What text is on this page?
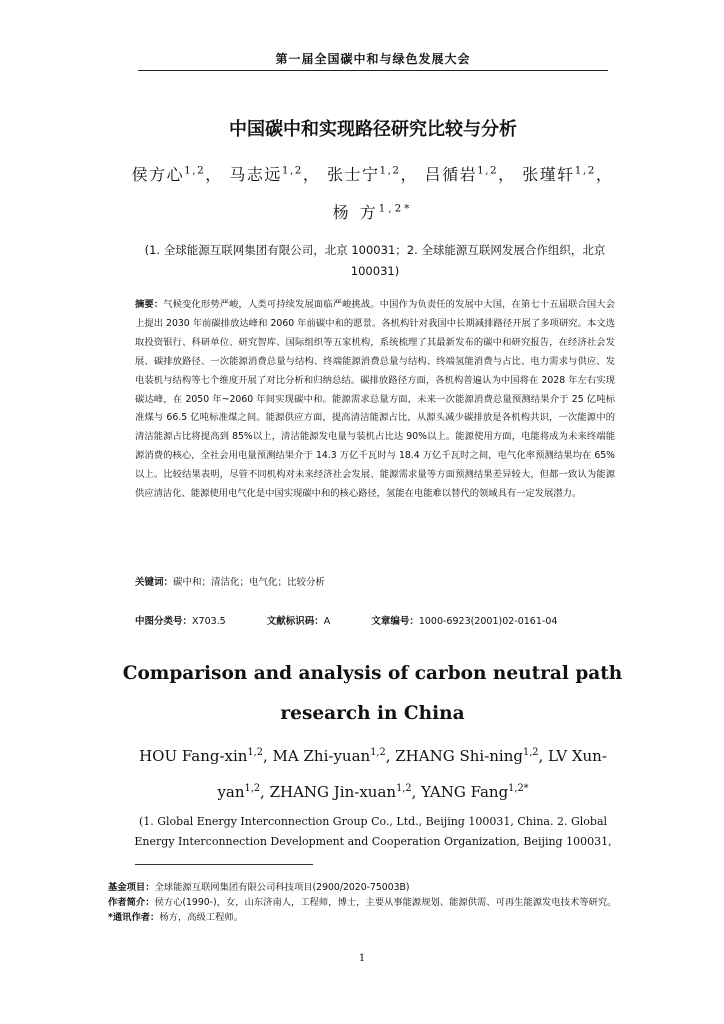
第一届全国碳中和与绿色发展大会
中国碳中和实现路径研究比较与分析
侯方心$^{1,2}$， 马志远$^{1,2}$， 张士宁$^{1,2}$， 吕循岩$^{1,2}$， 张瑾轩$^{1,2}$，
杨 方$^{1,2*}$
(1. 全球能源互联网集团有限公司，北京 100031；2. 全球能源互联网发展合作组织，北京 100031)
摘要：气候变化形势严峻，人类可持续发展面临严峻挑战。中国作为负责任的发展中大国，在第七十五届联合国大会上提出 2030 年前碳排放达峰和 2060 年前碳中和的愿景。各机构针对我国中长期减排路径开展了多项研究。本文选取投资银行、科研单位、研究智库、国际组织等五家机构，系统梳理了其最新发布的碳中和研究报告，在经济社会发展、碳排放路径、一次能源消费总量与结构、终端能源消费总量与结构、终端氢能消费与占比、电力需求与供应、发电装机与结构等七个维度开展了对比分析和归纳总结。碳排放路径方面，各机构普遍认为中国将在 2028 年左右实现碳达峰，在 2050 年~2060 年间实现碳中和。能源需求总量方面，未来一次能源消费总量预测结果介于 25 亿吨标准煤与 66.5 亿吨标准煤之间。能源供应方面，提高清洁能源占比，从源头减少碳排放是各机构共识，一次能源中的清洁能源占比将提高到 85%以上，清洁能源发电量与装机占比达 90%以上。能源使用方面，电能将成为未来终端能源消费的核心，全社会用电量预测结果介于 14.3 万亿千瓦时与 18.4 万亿千瓦时之间，电气化率预测结果均在 65%以上。比较结果表明，尽管不同机构对未来经济社会发展、能源需求量等方面预测结果差异较大，但都一致认为能源供应清洁化、能源使用电气化是中国实现碳中和的核心路径，氢能在电能难以替代的领域具有一定发展潜力。
关键词：碳中和；清洁化；电气化；比较分析
中图分类号：X703.5	文献标识码：A	文章编号：1000-6923(2001)02-0161-04
Comparison and analysis of carbon neutral path research in China
HOU Fang-xin$^{1,2}$, MA Zhi-yuan$^{1,2}$, ZHANG Shi-ning$^{1,2}$, LV Xun-yan$^{1,2}$, ZHANG Jin-xuan$^{1,2}$, YANG Fang$^{1,2*}$
(1. Global Energy Interconnection Group Co., Ltd., Beijing 100031, China. 2. Global Energy Interconnection Development and Cooperation Organization, Beijing 100031,
基金项目： 全球能源互联网集团有限公司科技项目(2900/2020-75003B)
作者简介： 侯方心(1990-)，女，山东济南人，工程师，博士，主要从事能源规划、能源供需、可再生能源发电技术等研究。
*通讯作者： 杨方，高级工程师。
1
